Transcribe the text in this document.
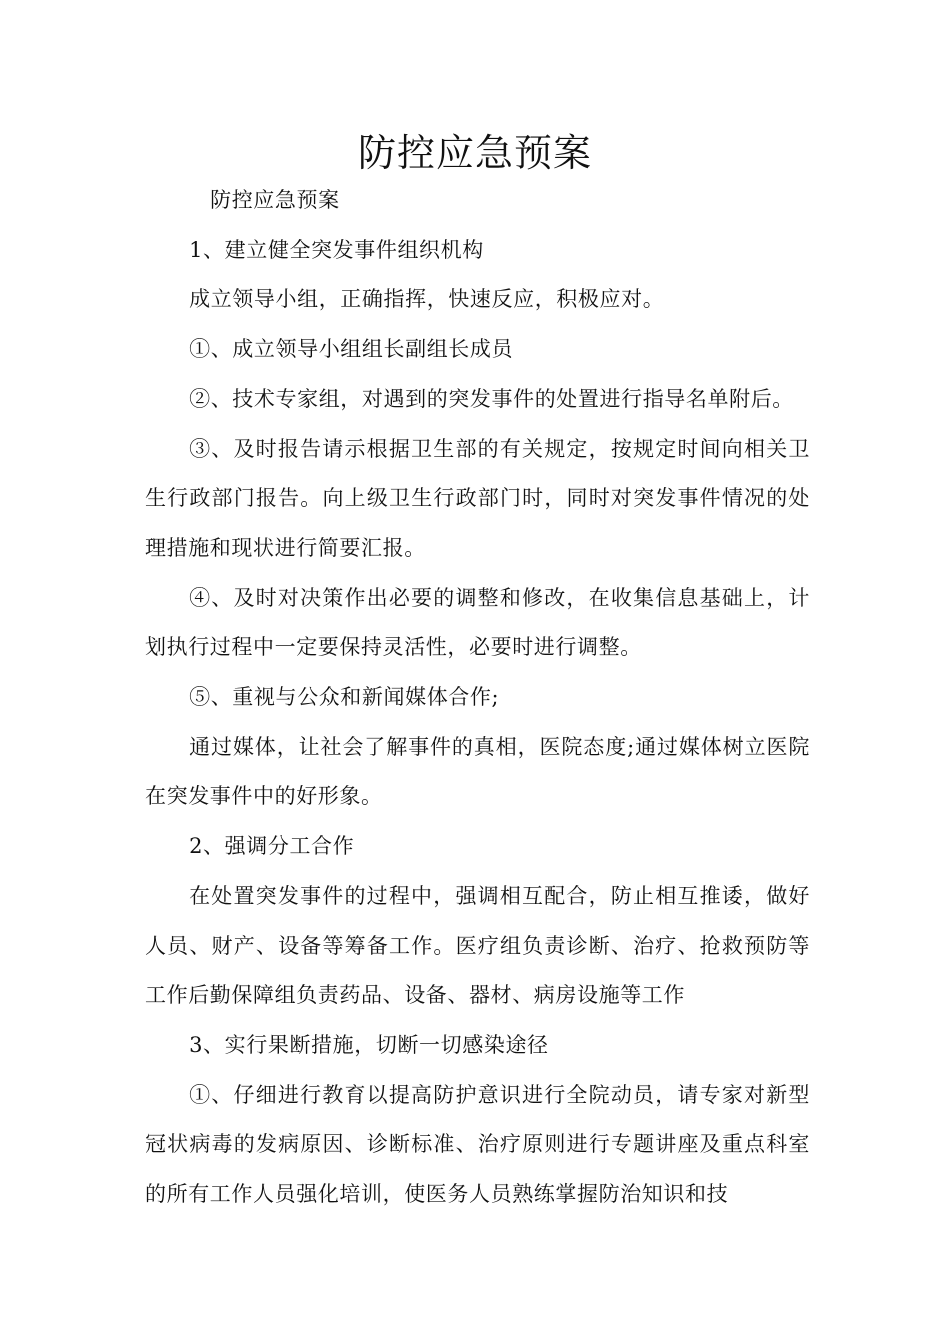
防控应急预案

防控应急预案

1、建立健全突发事件组织机构

成立领导小组，正确指挥，快速反应，积极应对。

①、成立领导小组组长副组长成员

②、技术专家组，对遇到的突发事件的处置进行指导名单附后。

③、及时报告请示根据卫生部的有关规定，按规定时间向相关卫生行政部门报告。向上级卫生行政部门时，同时对突发事件情况的处理措施和现状进行简要汇报。

④、及时对决策作出必要的调整和修改，在收集信息基础上，计划执行过程中一定要保持灵活性，必要时进行调整。

⑤、重视与公众和新闻媒体合作;

通过媒体，让社会了解事件的真相，医院态度;通过媒体树立医院在突发事件中的好形象。

2、强调分工合作

在处置突发事件的过程中，强调相互配合，防止相互推诿，做好人员、财产、设备等筹备工作。医疗组负责诊断、治疗、抢救预防等工作后勤保障组负责药品、设备、器材、病房设施等工作

3、实行果断措施，切断一切感染途径

①、仔细进行教育以提高防护意识进行全院动员，请专家对新型冠状病毒的发病原因、诊断标准、治疗原则进行专题讲座及重点科室的所有工作人员强化培训，使医务人员熟练掌握防治知识和技
